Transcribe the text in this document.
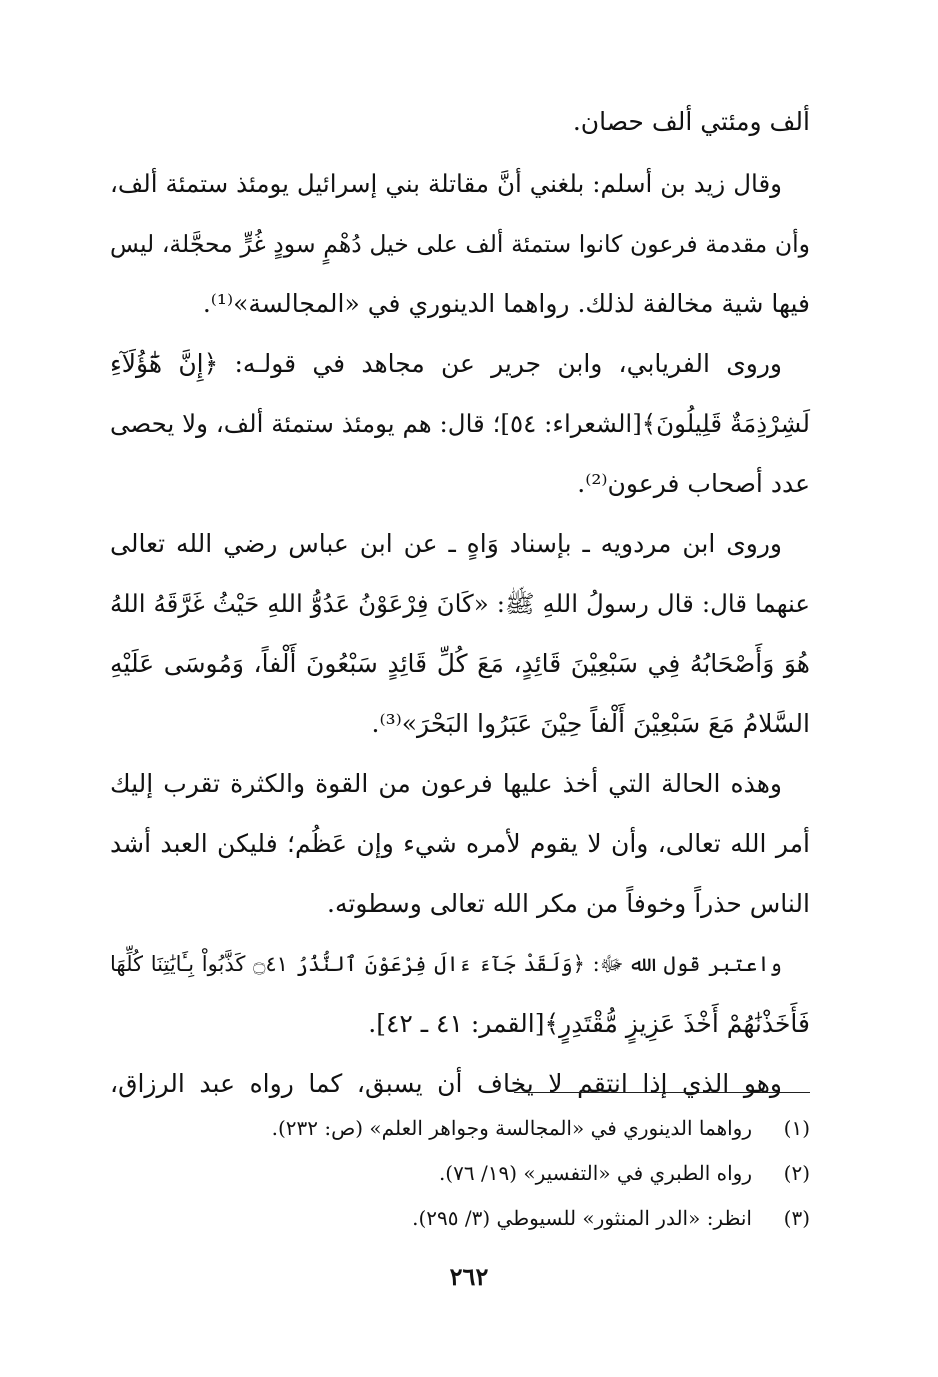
ألف ومئتي ألف حصان.
وقال زيد بن أسلم: بلغني أنَّ مقاتلة بني إسرائيل يومئذ ستمئة ألف،
وأن مقدمة فرعون كانوا ستمئة ألف على خيل دُهْمٍ سودٍ غُرٍّ محجَّلة، ليس
فيها شية مخالفة لذلك. رواهما الدينوري في «المجالسة»⁽¹⁾.
وروى الفريابي، وابن جرير عن مجاهد في قولـه: ﴿إِنَّ هَٰٓؤُلَآءِ
لَشِرْذِمَةٌ قَلِيلُونَ﴾[الشعراء: ٥٤]؛ قال: هم يومئذ ستمئة ألف، ولا يحصى
عدد أصحاب فرعون⁽²⁾.
وروى ابن مردويه ـ بإسناد وَاهٍ ـ عن ابن عباس رضي الله تعالى
عنهما قال: قال رسولُ اللهِ ﷺ: «كَانَ فِرْعَوْنُ عَدُوُّ اللهِ حَيْثُ غَرَّقَهُ اللهُ
هُوَ وَأَصْحَابُهُ فِي سَبْعِيْنَ قَائِدٍ، مَعَ كُلِّ قَائِدٍ سَبْعُونَ أَلْفاً، وَمُوسَى عَلَيْهِ
السَّلامُ مَعَ سَبْعِيْنَ أَلْفاً حِيْنَ عَبَرُوا البَحْرَ»⁽³⁾.
وهذه الحالة التي أخذ عليها فرعون من القوة والكثرة تقرب إليك
أمر الله تعالى، وأن لا يقوم لأمره شيء وإن عَظُم؛ فليكن العبد أشد
الناس حذراً وخوفاً من مكر الله تعالى وسطوته.
واعتبر قول الله ﷻ: ﴿وَلَقَدْ جَآءَ ءَالَ فِرْعَوْنَ ٱلنُّذُرُ ۝٤١ كَذَّبُواْ بِـَٔايَٰتِنَا كُلِّهَا
فَأَخَذْنَٰهُمْ أَخْذَ عَزِيزٍ مُّقْتَدِرٍ﴾[القمر: ٤١ ـ ٤٢].
وهو الذي إذا انتقم لا يخاف أن يسبق، كما رواه عبد الرزاق،
(١)رواهما الدينوري في «المجالسة وجواهر العلم» (ص: ٢٣٢).
(٢)رواه الطبري في «التفسير» (١٩/ ٧٦).
(٣)انظر: «الدر المنثور» للسيوطي (٣/ ٢٩٥).
٢٦٢
